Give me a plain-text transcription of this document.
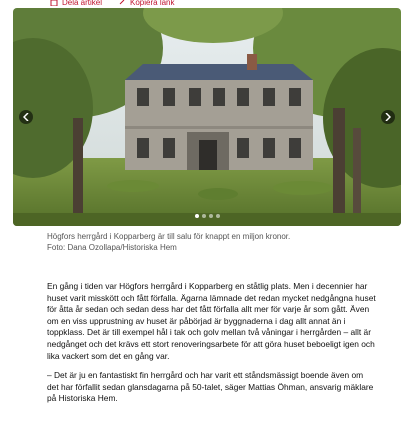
Dela artikel	Kopiera länk
Högfors herrgård i Kopparberg är till salu för knappt en miljon kronor.
Foto: Dana Ozollapa/Historiska Hem

En gång i tiden var Högfors herrgård i Kopparberg en ståtlig plats. Men i decennier har huset varit misskött och fått förfalla. Ägarna lämnade det redan mycket nedgångna huset för åtta år sedan och sedan dess har det fått förfalla allt mer för varje år som gått. Även om en viss upprustning av huset är påbörjad är byggnaderna i dag allt annat än i toppklass. Det är till exempel hål i tak och golv mellan två våningar i herrgården – allt är nedgånget och det krävs ett stort renoveringsarbete för att göra huset beboeligt igen och lika vackert som det en gång var.

– Det är ju en fantastiskt fin herrgård och har varit ett ståndsmässigt boende även om det har förfallit sedan glansdagarna på 50-talet, säger Mattias Öhman, ansvarig mäklare på Historiska Hem.
